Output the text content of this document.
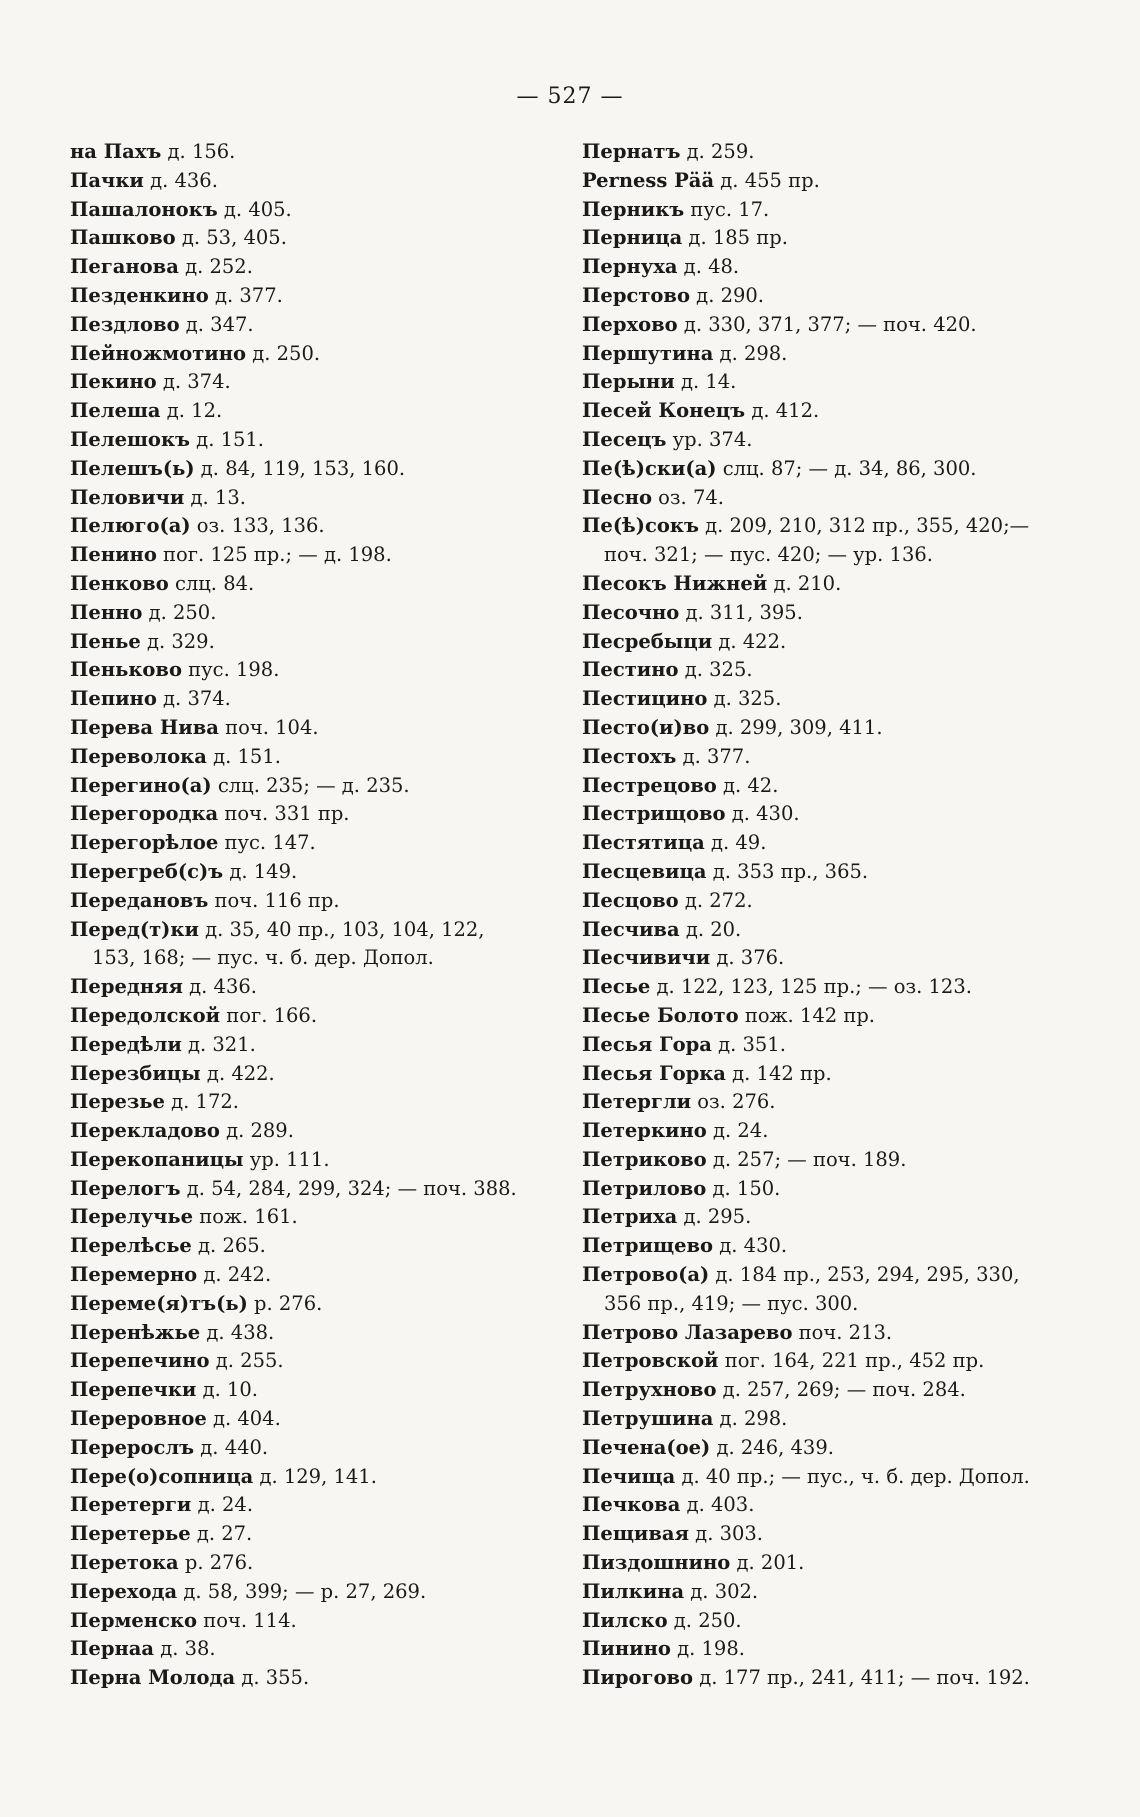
— 527 —
на Пахъ д. 156.
Пачки д. 436.
Пашалонокъ д. 405.
Пашково д. 53, 405.
Пеганова д. 252.
Пезденкино д. 377.
Пездлово д. 347.
Пейножмотино д. 250.
Пекино д. 374.
Пелеша д. 12.
Пелешокъ д. 151.
Пелешъ(ь) д. 84, 119, 153, 160.
Пеловичи д. 13.
Пелюго(а) оз. 133, 136.
Пенино пог. 125 пр.; — д. 198.
Пенково слц. 84.
Пенно д. 250.
Пенье д. 329.
Пеньково пус. 198.
Пепино д. 374.
Перева Нива поч. 104.
Переволока д. 151.
Перегино(а) слц. 235; — д. 235.
Перегородка поч. 331 пр.
Перегорѣлое пус. 147.
Перегреб(с)ъ д. 149.
Передановъ поч. 116 пр.
Перед(т)ки д. 35, 40 пр., 103, 104, 122,
153, 168; — пус. ч. б. дер. Допол.
Передняя д. 436.
Передолской пог. 166.
Передѣли д. 321.
Перезбицы д. 422.
Перезье д. 172.
Перекладово д. 289.
Перекопаницы ур. 111.
Перелогъ д. 54, 284, 299, 324; — поч. 388.
Перелучье пож. 161.
Перелѣсье д. 265.
Перемерно д. 242.
Переме(я)тъ(ь) р. 276.
Перенѣжье д. 438.
Перепечино д. 255.
Перепечки д. 10.
Переровное д. 404.
Перерослъ д. 440.
Пере(о)сопница д. 129, 141.
Перетерги д. 24.
Перетерье д. 27.
Перетока р. 276.
Перехода д. 58, 399; — р. 27, 269.
Перменско поч. 114.
Пернаа д. 38.
Перна Молода д. 355.
Пернатъ д. 259.
Perness Рää д. 455 пр.
Перникъ пус. 17.
Перница д. 185 пр.
Пернуха д. 48.
Перстово д. 290.
Перхово д. 330, 371, 377; — поч. 420.
Першутина д. 298.
Перыни д. 14.
Песей Конецъ д. 412.
Песецъ ур. 374.
Пе(ѣ)ски(а) слц. 87; — д. 34, 86, 300.
Песно оз. 74.
Пе(ѣ)сокъ д. 209, 210, 312 пр., 355, 420;—
поч. 321; — пус. 420; — ур. 136.
Песокъ Нижней д. 210.
Песочно д. 311, 395.
Песребыци д. 422.
Пестино д. 325.
Пестицино д. 325.
Песто(и)во д. 299, 309, 411.
Пестохъ д. 377.
Пестрецово д. 42.
Пестрищово д. 430.
Пестятица д. 49.
Песцевица д. 353 пр., 365.
Песцово д. 272.
Песчива д. 20.
Песчивичи д. 376.
Песье д. 122, 123, 125 пр.; — оз. 123.
Песье Болото пож. 142 пр.
Песья Гора д. 351.
Песья Горка д. 142 пр.
Петергли оз. 276.
Петеркино д. 24.
Петриково д. 257; — поч. 189.
Петрилово д. 150.
Петриха д. 295.
Петрищево д. 430.
Петрово(а) д. 184 пр., 253, 294, 295, 330,
356 пр., 419; — пус. 300.
Петрово Лазарево поч. 213.
Петровской пог. 164, 221 пр., 452 пр.
Петрухново д. 257, 269; — поч. 284.
Петрушина д. 298.
Печена(ое) д. 246, 439.
Печища д. 40 пр.; — пус., ч. б. дер. Допол.
Печкова д. 403.
Пещивая д. 303.
Пиздошнино д. 201.
Пилкина д. 302.
Пилско д. 250.
Пинино д. 198.
Пирогово д. 177 пр., 241, 411; — поч. 192.
